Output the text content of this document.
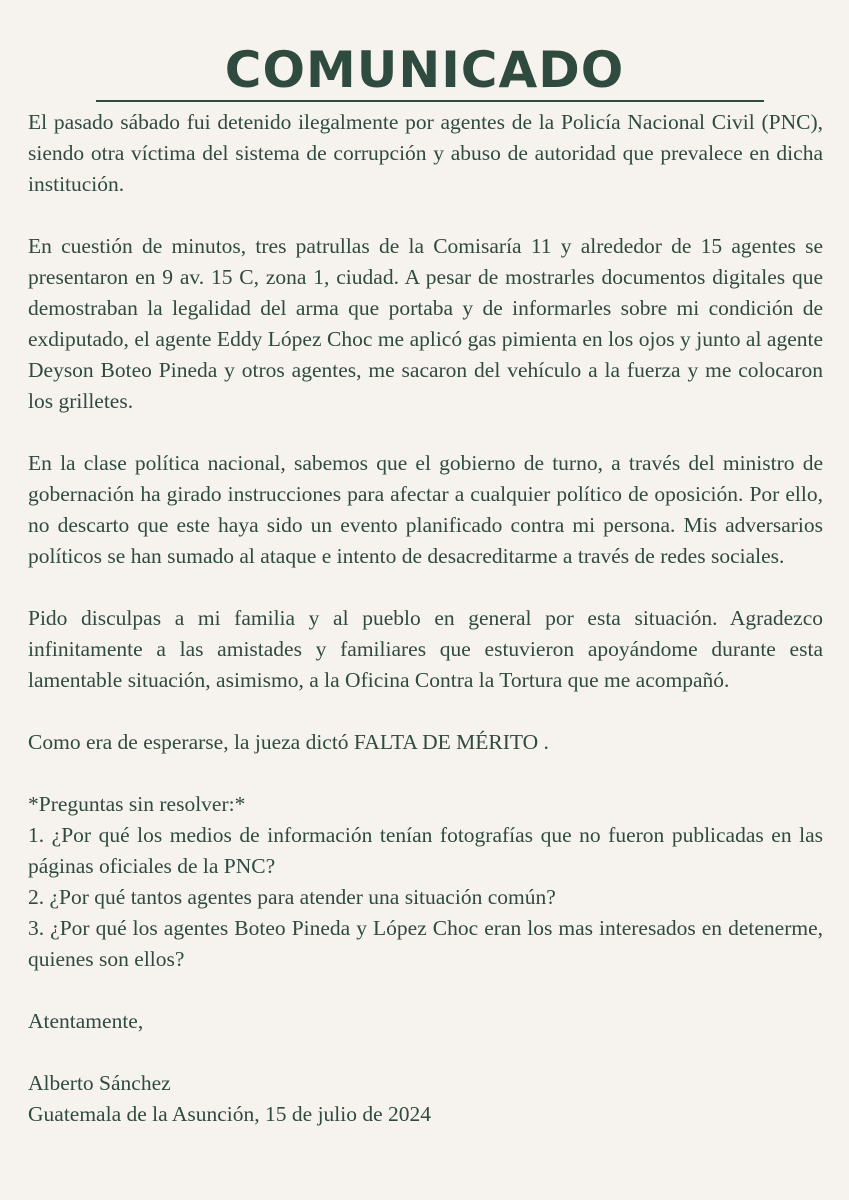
COMUNICADO

El pasado sábado fui detenido ilegalmente por agentes de la Policía Nacional Civil (PNC), siendo otra víctima del sistema de corrupción y abuso de autoridad que prevalece en dicha institución.

En cuestión de minutos, tres patrullas de la Comisaría 11 y alrededor de 15 agentes se presentaron en 9 av. 15 C, zona 1, ciudad. A pesar de mostrarles documentos digitales que demostraban la legalidad del arma que portaba y de informarles sobre mi condición de exdiputado, el agente Eddy López Choc me aplicó gas pimienta en los ojos y junto al agente Deyson Boteo Pineda y otros agentes, me sacaron del vehículo a la fuerza y me colocaron los grilletes.

En la clase política nacional, sabemos que el gobierno de turno, a través del ministro de gobernación ha girado instrucciones para afectar a cualquier político de oposición. Por ello, no descarto que este haya sido un evento planificado contra mi persona. Mis adversarios políticos se han sumado al ataque e intento de desacreditarme a través de redes sociales.

Pido disculpas a mi familia y al pueblo en general por esta situación. Agradezco infinitamente a las amistades y familiares que estuvieron apoyándome durante esta lamentable situación, asimismo, a la Oficina Contra la Tortura que me acompañó.

Como era de esperarse, la jueza dictó FALTA DE MÉRITO .

*Preguntas sin resolver:*

1. ¿Por qué los medios de información tenían fotografías que no fueron publicadas en las páginas oficiales de la PNC?

2. ¿Por qué tantos agentes para atender una situación común?

3. ¿Por qué los agentes Boteo Pineda y López Choc eran los mas interesados en detenerme, quienes son ellos?

Atentamente,

Alberto Sánchez

Guatemala de la Asunción, 15 de julio de 2024
